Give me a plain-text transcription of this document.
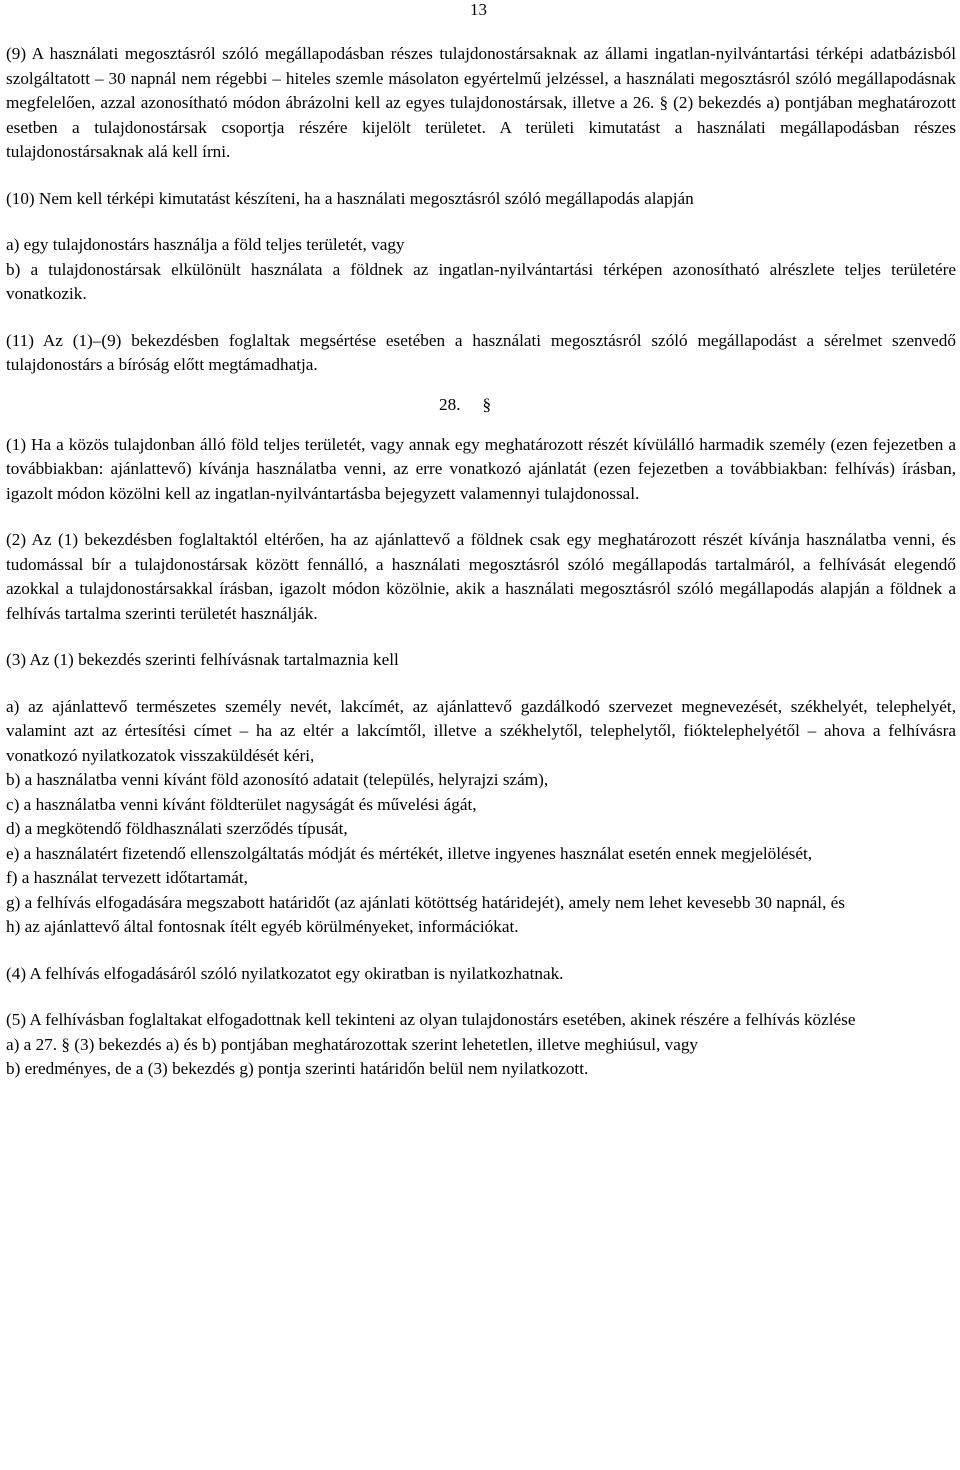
13

(9) A használati megosztásról szóló megállapodásban részes tulajdonostársaknak az állami ingatlan-nyilvántartási térképi adatbázisból szolgáltatott – 30 napnál nem régebbi – hiteles szemle másolaton egyértelmű jelzéssel, a használati megosztásról szóló megállapodásnak megfelelően, azzal azonosítható módon ábrázolni kell az egyes tulajdonostársak, illetve a 26. § (2) bekezdés a) pontjában meghatározott esetben a tulajdonostársak csoportja részére kijelölt területet. A területi kimutatást a használati megállapodásban részes tulajdonostársaknak alá kell írni.

(10) Nem kell térképi kimutatást készíteni, ha a használati megosztásról szóló megállapodás alapján

a) egy tulajdonostárs használja a föld teljes területét, vagy

b) a tulajdonostársak elkülönült használata a földnek az ingatlan-nyilvántartási térképen azonosítható alrészlete teljes területére vonatkozik.

(11) Az (1)–(9) bekezdésben foglaltak megsértése esetében a használati megosztásról szóló megállapodást a sérelmet szenvedő tulajdonostárs a bíróság előtt megtámadhatja.

28. §

(1) Ha a közös tulajdonban álló föld teljes területét, vagy annak egy meghatározott részét kívülálló harmadik személy (ezen fejezetben a továbbiakban: ajánlattevő) kívánja használatba venni, az erre vonatkozó ajánlatát (ezen fejezetben a továbbiakban: felhívás) írásban, igazolt módon közölni kell az ingatlan-nyilvántartásba bejegyzett valamennyi tulajdonossal.

(2) Az (1) bekezdésben foglaltaktól eltérően, ha az ajánlattevő a földnek csak egy meghatározott részét kívánja használatba venni, és tudomással bír a tulajdonostársak között fennálló, a használati megosztásról szóló megállapodás tartalmáról, a felhívását elegendő azokkal a tulajdonostársakkal írásban, igazolt módon közölnie, akik a használati megosztásról szóló megállapodás alapján a földnek a felhívás tartalma szerinti területét használják.

(3) Az (1) bekezdés szerinti felhívásnak tartalmaznia kell

a) az ajánlattevő természetes személy nevét, lakcímét, az ajánlattevő gazdálkodó szervezet megnevezését, székhelyét, telephelyét, valamint azt az értesítési címet – ha az eltér a lakcímtől, illetve a székhelytől, telephelytől, fióktelephelyétől – ahova a felhívásra vonatkozó nyilatkozatok visszaküldését kéri,

b) a használatba venni kívánt föld azonosító adatait (település, helyrajzi szám),

c) a használatba venni kívánt földterület nagyságát és művelési ágát,

d) a megkötendő földhasználati szerződés típusát,

e) a használatért fizetendő ellenszolgáltatás módját és mértékét, illetve ingyenes használat esetén ennek megjelölését,

f) a használat tervezett időtartamát,

g) a felhívás elfogadására megszabott határidőt (az ajánlati kötöttség határidejét), amely nem lehet kevesebb 30 napnál, és

h) az ajánlattevő által fontosnak ítélt egyéb körülményeket, információkat.

(4) A felhívás elfogadásáról szóló nyilatkozatot egy okiratban is nyilatkozhatnak.

(5) A felhívásban foglaltakat elfogadottnak kell tekinteni az olyan tulajdonostárs esetében, akinek részére a felhívás közlése

a) a 27. § (3) bekezdés a) és b) pontjában meghatározottak szerint lehetetlen, illetve meghiúsul, vagy

b) eredményes, de a (3) bekezdés g) pontja szerinti határidőn belül nem nyilatkozott.
